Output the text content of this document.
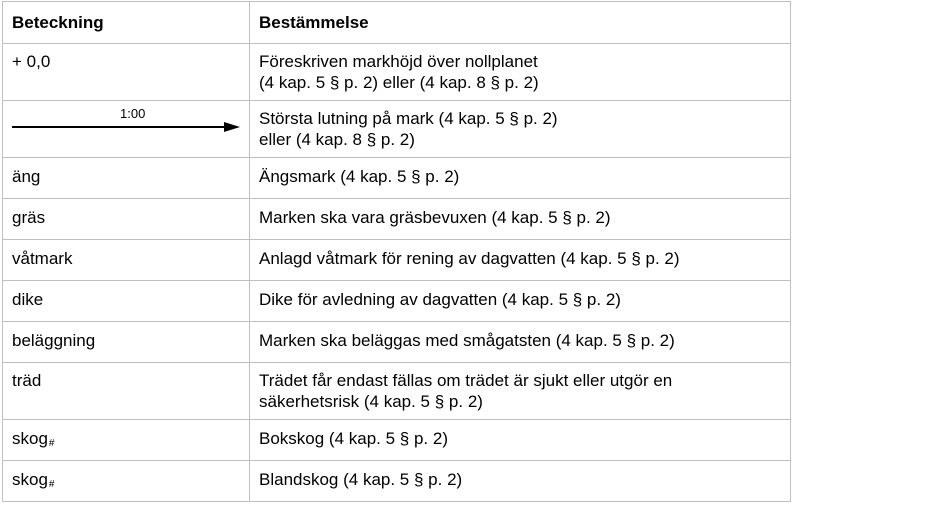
Beteckning	Bestämmelse
+ 0,0	Föreskriven markhöjd över nollplanet
(4 kap. 5 § p. 2) eller (4 kap. 8 § p. 2)

1:00	Största lutning på mark (4 kap. 5 § p. 2)
eller (4 kap. 8 § p. 2)
äng	Ängsmark (4 kap. 5 § p. 2)
gräs	Marken ska vara gräsbevuxen (4 kap. 5 § p. 2)
våtmark	Anlagd våtmark för rening av dagvatten (4 kap. 5 § p. 2)
dike	Dike för avledning av dagvatten (4 kap. 5 § p. 2)
beläggning	Marken ska beläggas med smågatsten (4 kap. 5 § p. 2)
träd	Trädet får endast fällas om trädet är sjukt eller utgör en
säkerhetsrisk (4 kap. 5 § p. 2)
skog$_{\#}$	Bokskog (4 kap. 5 § p. 2)
skog$_{\#}$	Blandskog (4 kap. 5 § p. 2)
